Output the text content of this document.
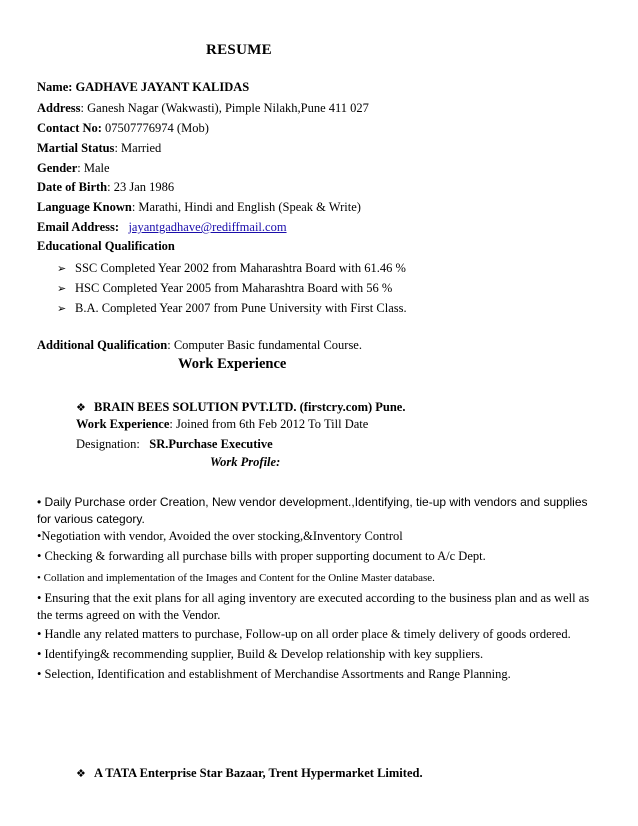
RESUME
Name: GADHAVE JAYANT KALIDAS
Address: Ganesh Nagar (Wakwasti), Pimple Nilakh,Pune 411 027
Contact No: 07507776974 (Mob)
Martial Status: Married
Gender: Male
Date of Birth: 23 Jan 1986
Language Known: Marathi, Hindi and English (Speak & Write)
Email Address: jayantgadhave@rediffmail.com
Educational Qualification
➢ SSC Completed Year 2002 from Maharashtra Board with 61.46 %
➢ HSC Completed Year 2005 from Maharashtra Board with 56 %
➢ B.A. Completed Year 2007 from Pune University with First Class.
Additional Qualification: Computer Basic fundamental Course.
Work Experience
❖ BRAIN BEES SOLUTION PVT.LTD. (firstcry.com) Pune.
Work Experience: Joined from 6th Feb 2012 To Till Date
Designation: SR.Purchase Executive
Work Profile:
• Daily Purchase order Creation, New vendor development.,Identifying, tie-up with vendors and supplies for various category.
•Negotiation with vendor, Avoided the over stocking,&Inventory Control
• Checking & forwarding all purchase bills with proper supporting document to A/c Dept.
• Collation and implementation of the Images and Content for the Online Master database.
• Ensuring that the exit plans for all aging inventory are executed according to the business plan and as well as the terms agreed on with the Vendor.
• Handle any related matters to purchase, Follow-up on all order place & timely delivery of goods ordered.
• Identifying& recommending supplier, Build & Develop relationship with key suppliers.
• Selection, Identification and establishment of Merchandise Assortments and Range Planning.
❖ A TATA Enterprise Star Bazaar, Trent Hypermarket Limited.
